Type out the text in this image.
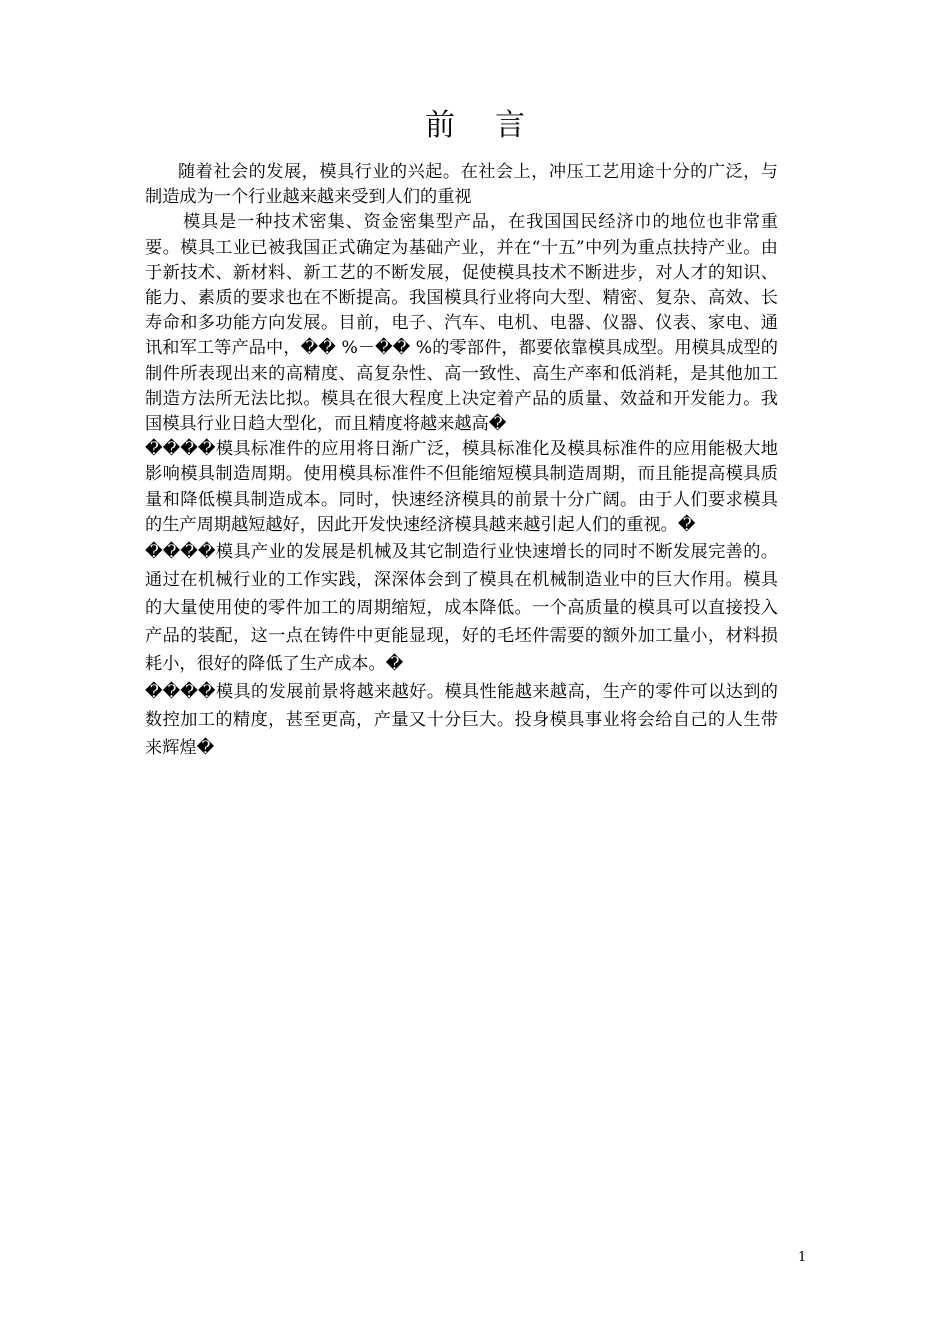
前言

随着社会的发展，模具行业的兴起。在社会上，冲压工艺用途十分的广泛，与制造成为一个行业越来越来受到人们的重视

模具是一种技术密集、资金密集型产品，在我国国民经济巾的地位也非常重要。模具工业已被我国正式确定为基础产业，并在“十五”中列为重点扶持产业。由于新技术、新材料、新工艺的不断发展，促使模具技术不断进步，对人才的知识、能力、素质的要求也在不断提高。我国模具行业将向大型、精密、复杂、高效、长寿命和多功能方向发展。目前，电子、汽车、电机、电器、仪器、仪表、家电、通讯和军工等产品中，�� %－�� %的零部件，都要依靠模具成型。用模具成型的制件所表现出来的高精度、高复杂性、高一致性、高生产率和低消耗，是其他加工制造方法所无法比拟。模具在很大程度上决定着产品的质量、效益和开发能力。我国模具行业日趋大型化，而且精度将越来越高�

����模具标准件的应用将日渐广泛，模具标准化及模具标准件的应用能极大地影响模具制造周期。使用模具标准件不但能缩短模具制造周期，而且能提高模具质量和降低模具制造成本。同时，快速经济模具的前景十分广阔。由于人们要求模具的生产周期越短越好，因此开发快速经济模具越来越引起人们的重视。�

����模具产业的发展是机械及其它制造行业快速增长的同时不断发展完善的。通过在机械行业的工作实践，深深体会到了模具在机械制造业中的巨大作用。模具的大量使用使的零件加工的周期缩短，成本降低。一个高质量的模具可以直接投入产品的装配，这一点在铸件中更能显现，好的毛坯件需要的额外加工量小，材料损耗小，很好的降低了生产成本。�

����模具的发展前景将越来越好。模具性能越来越高，生产的零件可以达到的数控加工的精度，甚至更高，产量又十分巨大。投身模具事业将会给自己的人生带来辉煌�

1
